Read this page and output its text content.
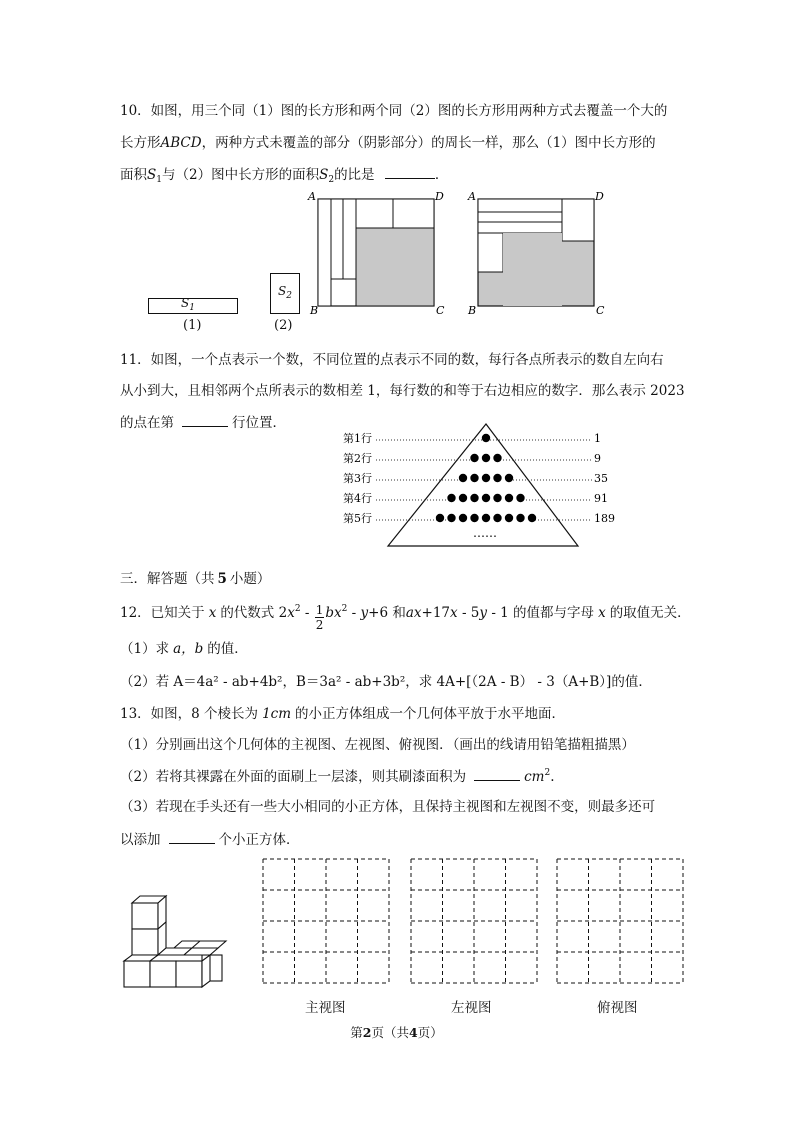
10．如图，用三个同（1）图的长方形和两个同（2）图的长方形用两种方式去覆盖一个大的
长方形ABCD，两种方式未覆盖的部分（阴影部分）的周长一样，那么（1）图中长方形的
面积$S_1$与（2）图中长方形的面积$S_2$的比是	．
$S_1$
(1)
$S_2$
(2)
A	D
B	C
A	D
B	C
11．如图，一个点表示一个数，不同位置的点表示不同的数，每行各点所表示的数自左向右
从小到大，且相邻两个点所表示的数相差 1，每行数的和等于右边相应的数字．那么表示 2023
的点在第	行位置．
第1行	1
第2行	9
第3行	35
第4行	91
第5行	189
……
三．解答题（共 5 小题）
12．已知关于 x 的代数式 $2x^2 - \frac{1}{2} bx^2 - y+6$ 和ax+17x - 5y - 1 的值都与字母 x 的取值无关．
（1）求 a，b 的值．
（2）若 A＝4a² - ab+4b²，B＝3a² - ab+3b²，求 4A+[（2A - B） - 3（A+B）]的值．
13．如图，8 个棱长为 1cm 的小正方体组成一个几何体平放于水平地面．
（1）分别画出这个几何体的主视图、左视图、俯视图．（画出的线请用铅笔描粗描黑）
（2）若将其裸露在外面的面刷上一层漆，则其刷漆面积为	$cm^2$.
（3）若现在手头还有一些大小相同的小正方体，且保持主视图和左视图不变，则最多还可
以添加	个小正方体．
主视图	左视图	俯视图
第2页（共4页）
